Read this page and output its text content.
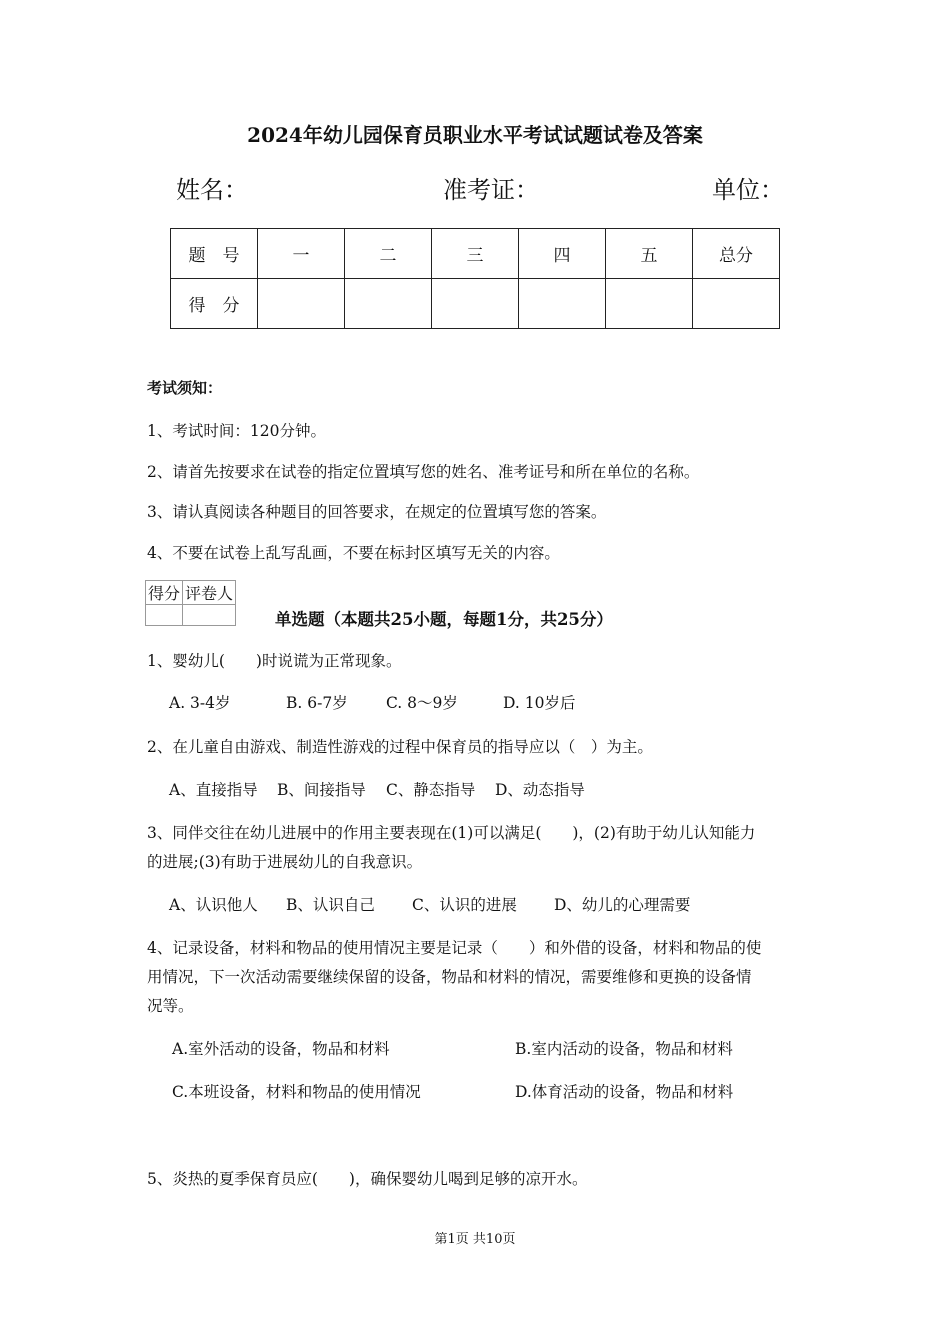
2024年幼儿园保育员职业水平考试试题试卷及答案
姓名：	准考证：	单位：
题　号	一	二	三	四	五	总分
得　分						
考试须知：
1、考试时间：120分钟。
2、请首先按要求在试卷的指定位置填写您的姓名、准考证号和所在单位的名称。
3、请认真阅读各种题目的回答要求，在规定的位置填写您的答案。
4、不要在试卷上乱写乱画，不要在标封区填写无关的内容。
得分	评卷人

单选题（本题共25小题，每题1分，共25分）
1、婴幼儿(　　)时说谎为正常现象。
A. 3-4岁	B. 6-7岁 C. 8～9岁	D. 10岁后
2、在儿童自由游戏、制造性游戏的过程中保育员的指导应以（　）为主。
A、直接指导 B、间接指导 C、静态指导 D、动态指导
3、同伴交往在幼儿进展中的作用主要表现在(1)可以满足(　　)，(2)有助于幼儿认知能力
的进展;(3)有助于进展幼儿的自我意识。
A、认识他人 B、认识自己 C、认识的进展 D、幼儿的心理需要
4、记录设备，材料和物品的使用情况主要是记录（　　）和外借的设备，材料和物品的使
用情况，下一次活动需要继续保留的设备，物品和材料的情况，需要维修和更换的设备情
况等。
A.室外活动的设备，物品和材料	B.室内活动的设备，物品和材料
C.本班设备，材料和物品的使用情况	D.体育活动的设备，物品和材料
5、炎热的夏季保育员应(　　)，确保婴幼儿喝到足够的凉开水。
第1页 共10页
